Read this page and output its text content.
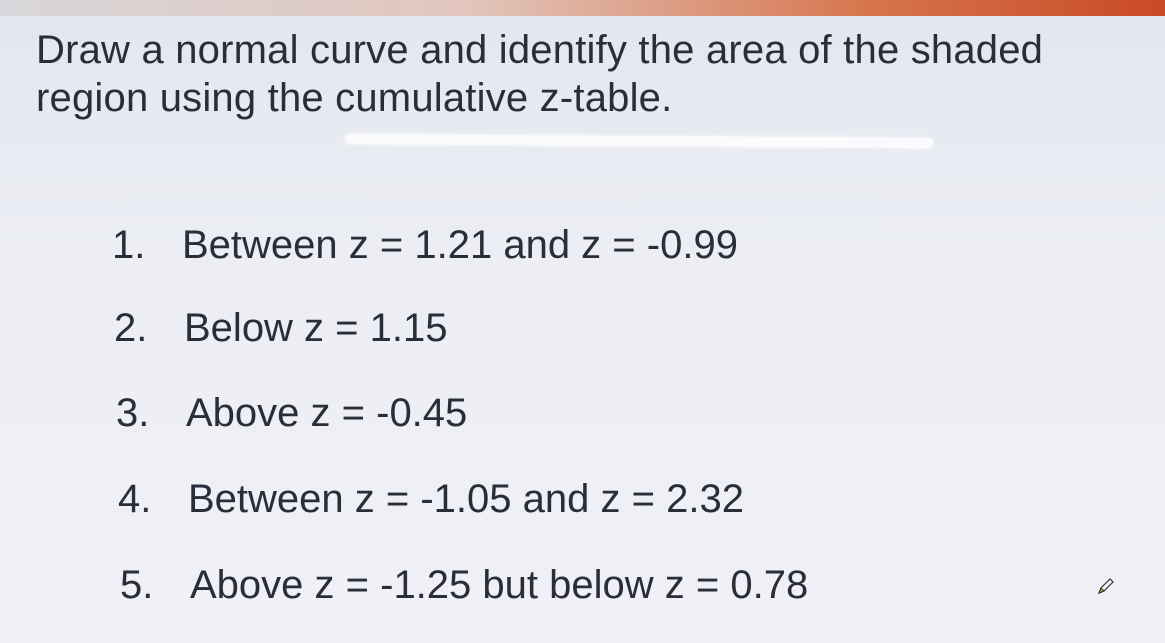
Draw a normal curve and identify the area of the shaded
region using the cumulative z-table.
1. Between z = 1.21 and z = -0.99
2. Below z = 1.15
3. Above z = -0.45
4. Between z = -1.05 and z = 2.32
5. Above z = -1.25 but below z = 0.78
